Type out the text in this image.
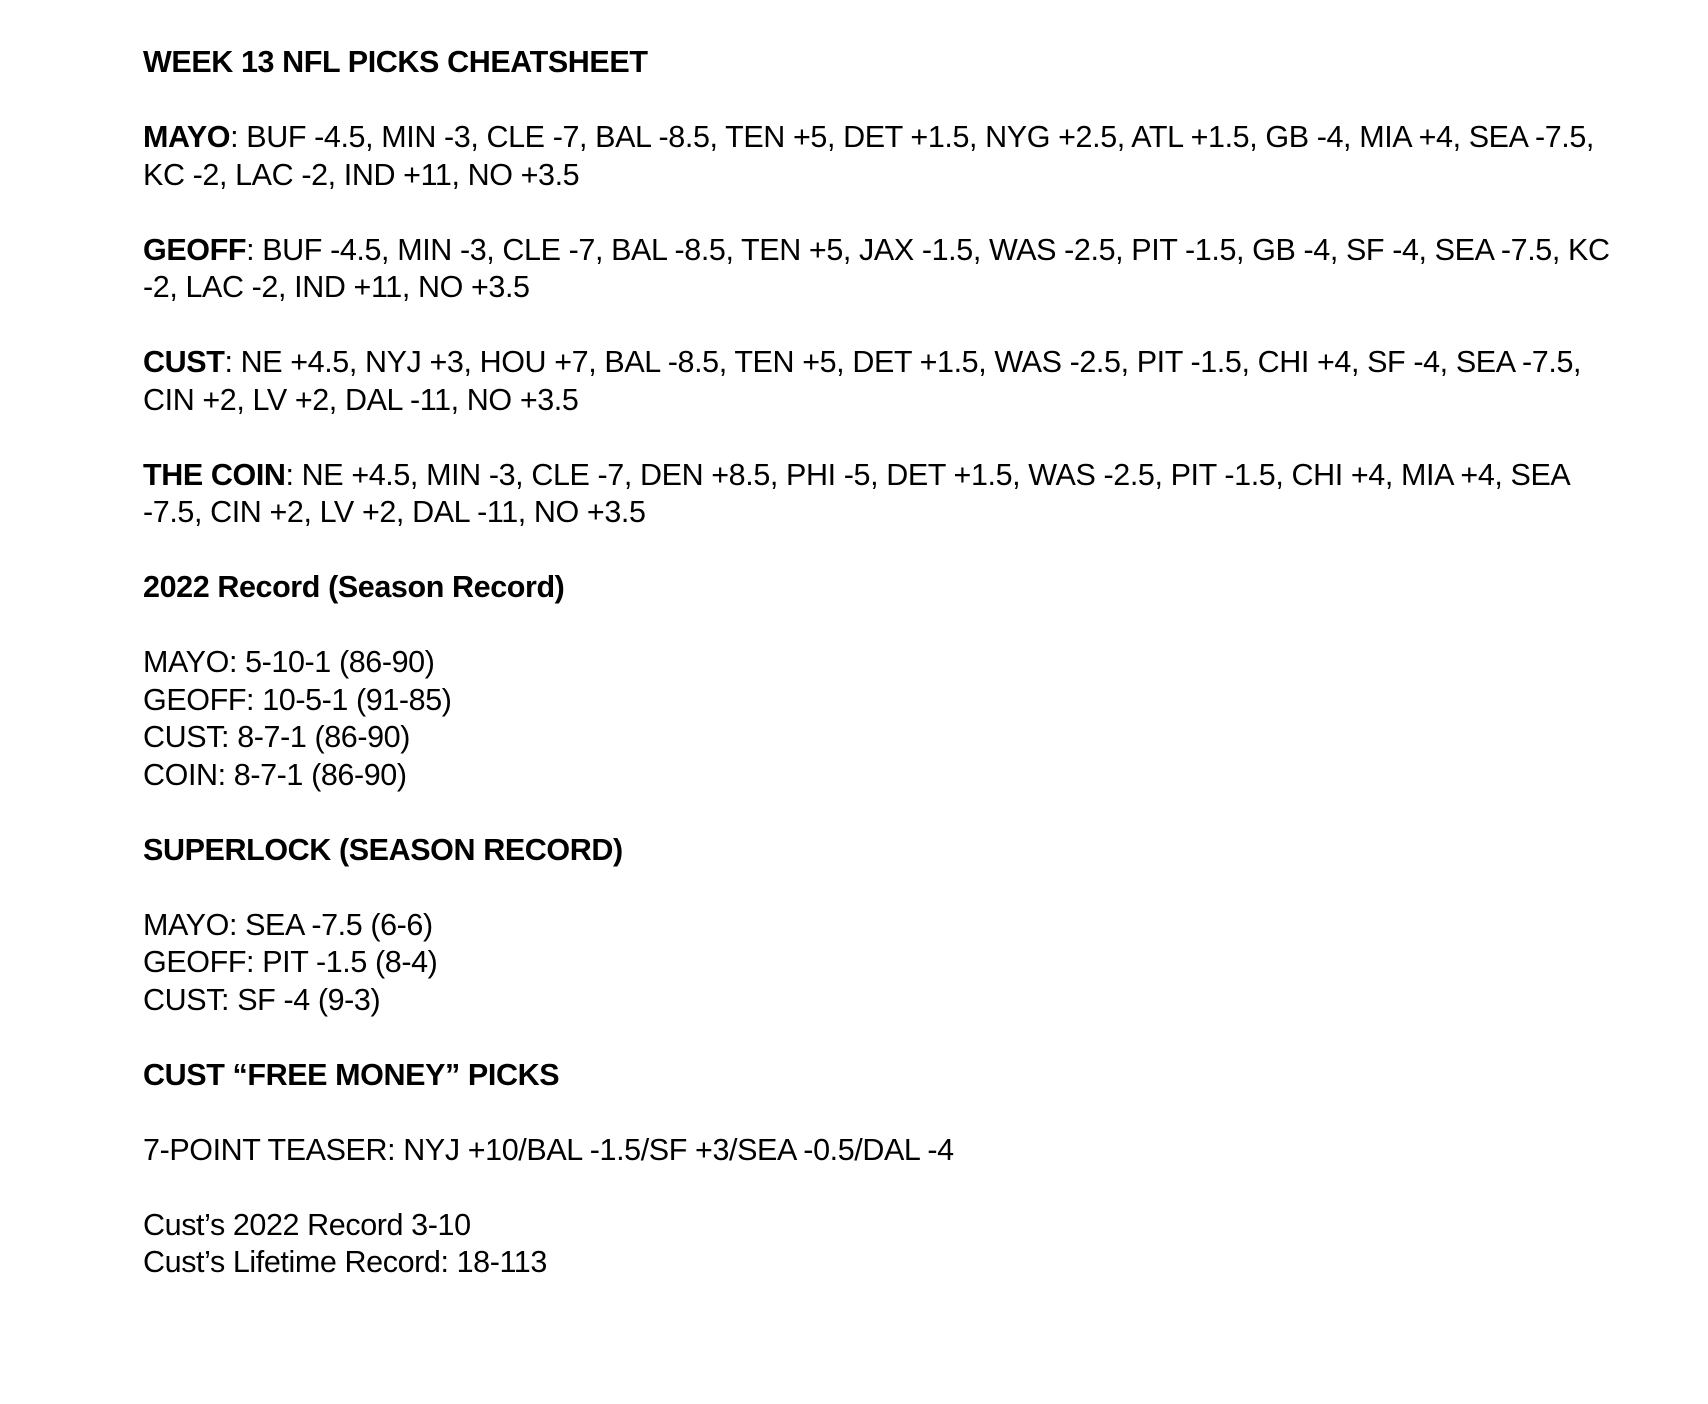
WEEK 13 NFL PICKS CHEATSHEET
MAYO: BUF -4.5, MIN -3, CLE -7, BAL -8.5, TEN +5, DET +1.5, NYG +2.5, ATL +1.5, GB -4, MIA +4, SEA -7.5, KC -2, LAC -2, IND +11, NO +3.5
GEOFF: BUF -4.5, MIN -3, CLE -7, BAL -8.5, TEN +5, JAX -1.5, WAS -2.5, PIT -1.5, GB -4, SF -4, SEA -7.5, KC -2, LAC -2, IND +11, NO +3.5
CUST: NE +4.5, NYJ +3, HOU +7, BAL -8.5, TEN +5, DET +1.5, WAS -2.5, PIT -1.5, CHI +4, SF -4, SEA -7.5, CIN +2, LV +2, DAL -11, NO +3.5
THE COIN: NE +4.5, MIN -3, CLE -7, DEN +8.5, PHI -5, DET +1.5, WAS -2.5, PIT -1.5, CHI +4, MIA +4, SEA -7.5, CIN +2, LV +2, DAL -11, NO +3.5
2022 Record (Season Record)
MAYO: 5-10-1 (86-90)
GEOFF: 10-5-1 (91-85)
CUST: 8-7-1 (86-90)
COIN: 8-7-1 (86-90)
SUPERLOCK (SEASON RECORD)
MAYO: SEA -7.5 (6-6)
GEOFF: PIT -1.5 (8-4)
CUST: SF -4 (9-3)
CUST “FREE MONEY” PICKS
7-POINT TEASER: NYJ +10/BAL -1.5/SF +3/SEA -0.5/DAL -4
Cust’s 2022 Record 3-10
Cust’s Lifetime Record: 18-113
